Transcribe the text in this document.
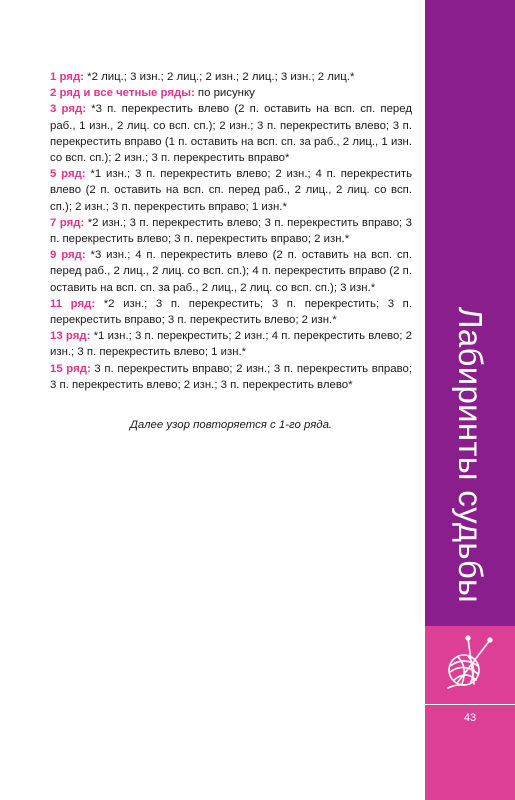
1 ряд: *2 лиц.; 3 изн.; 2 лиц.; 2 изн.; 2 лиц.; 3 изн.; 2 лиц.*

2 ряд и все четные ряды: по рисунку

3 ряд: *3 п. перекрестить влево (2 п. оставить на всп. сп. перед раб., 1 изн., 2 лиц. со всп. сп.); 2 изн.; 3 п. перекрестить влево; 3 п. перекрестить вправо (1 п. оставить на всп. сп. за раб., 2 лиц., 1 изн. со всп. сп.); 2 изн.; 3 п. перекрестить вправо*

5 ряд: *1 изн.; 3 п. перекрестить влево; 2 изн.; 4 п. перекрестить влево (2 п. оставить на всп. сп. перед раб., 2 лиц., 2 лиц. со всп. сп.); 2 изн.; 3 п. перекрестить вправо; 1 изн.*

7 ряд: *2 изн.; 3 п. перекрестить влево; 3 п. перекрестить вправо; 3 п. перекрестить влево; 3 п. перекрестить вправо; 2 изн.*

9 ряд: *3 изн.; 4 п. перекрестить влево (2 п. оставить на всп. сп. перед раб., 2 лиц., 2 лиц. со всп. сп.); 4 п. перекрестить вправо (2 п. оставить на всп. сп. за раб., 2 лиц., 2 лиц. со всп. сп.); 3 изн.*

11 ряд: *2 изн.; 3 п. перекрестить; 3 п. перекрестить; 3 п. перекрестить вправо; 3 п. перекрестить влево; 2 изн.*

13 ряд: *1 изн.; 3 п. перекрестить; 2 изн.; 4 п. перекрестить влево; 2 изн.; 3 п. перекрестить влево; 1 изн.*

15 ряд: 3 п. перекрестить вправо; 2 изн.; 3 п. перекрестить вправо; 3 п. перекрестить влево; 2 изн.; 3 п. перекрестить влево*

Далее узор повторяется с 1-го ряда.	Лабиринты судьбы
43
